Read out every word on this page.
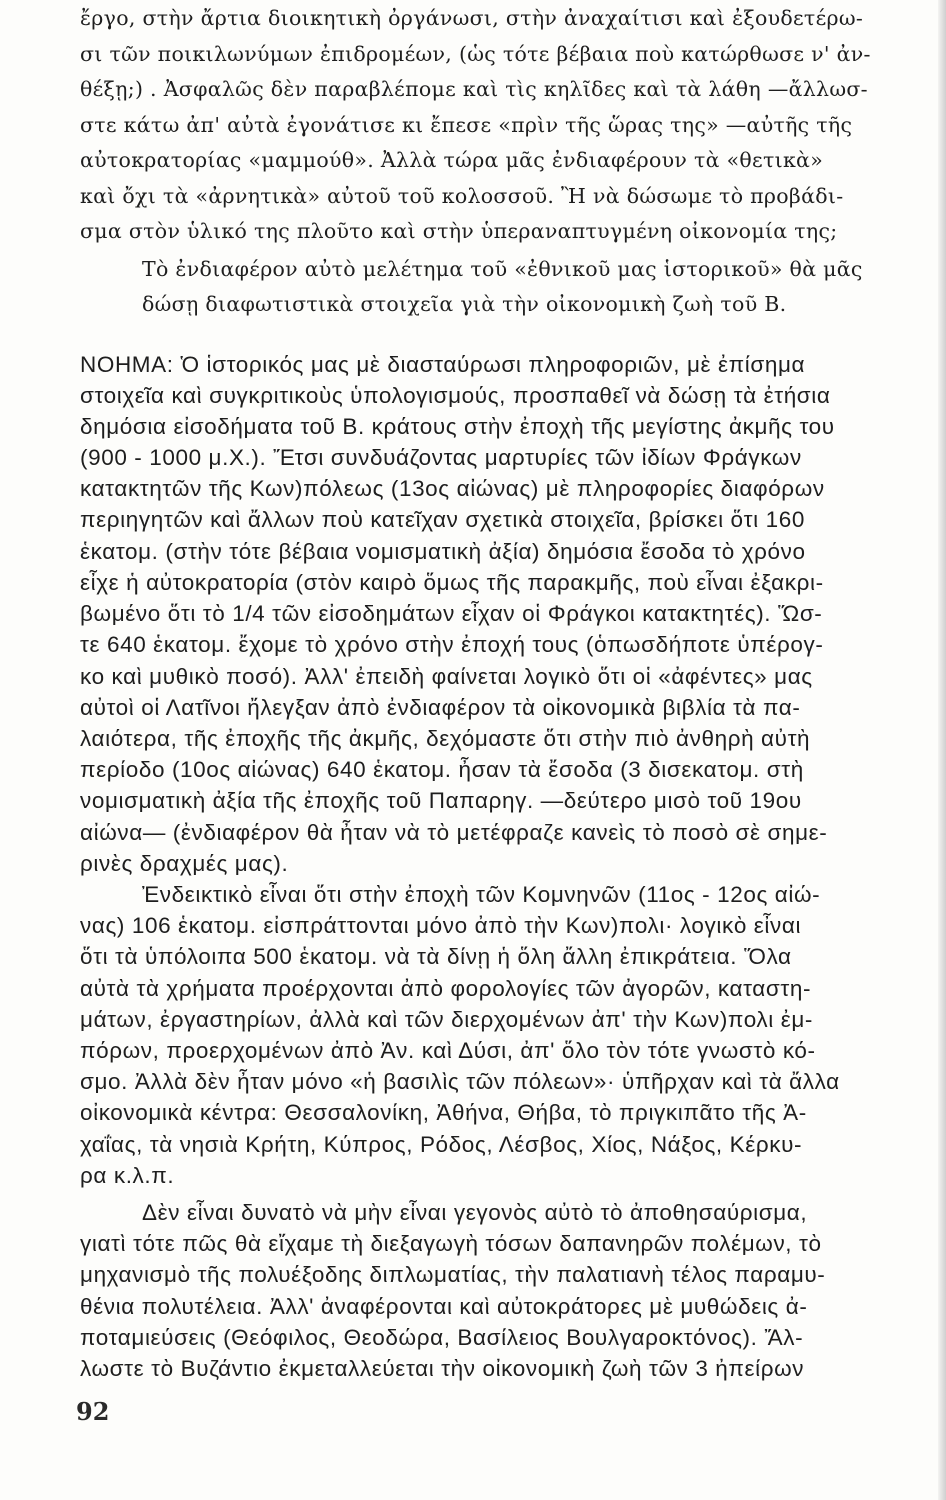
ἔργο, στὴν ἄρτια διοικητικὴ ὀργάνωσι, στὴν ἀναχαίτισι καὶ ἐξουδετέρω-
σι τῶν ποικιλωνύμων ἐπιδρομέων, (ὡς τότε βέβαια ποὺ κατώρθωσε ν' ἀν-
θέξῃ;) . Ἀσφαλῶς δὲν παραβλέπομε καὶ τὶς κηλῖδες καὶ τὰ λάθη —ἄλλωσ-
στε κάτω ἀπ' αὐτὰ ἐγονάτισε κι ἔπεσε «πρὶν τῆς ὥρας της» —αὐτῆς τῆς
αὐτοκρατορίας «μαμμούθ». Ἀλλὰ τώρα μᾶς ἐνδιαφέρουν τὰ «θετικὰ»
καὶ ὄχι τὰ «ἀρνητικὰ» αὐτοῦ τοῦ κολοσσοῦ. Ἢ νὰ δώσωμε τὸ προβάδι-
σμα στὸν ὑλικό της πλοῦτο καὶ στὴν ὑπεραναπτυγμένη οἰκονομία της;
Τὸ ἐνδιαφέρον αὐτὸ μελέτημα τοῦ «ἐθνικοῦ μας ἱστορικοῦ» θὰ μᾶς
δώσῃ διαφωτιστικὰ στοιχεῖα γιὰ τὴν οἰκονομικὴ ζωὴ τοῦ Β.
ΝΟΗΜΑ: Ὁ ἱστορικός μας μὲ διασταύρωσι πληροφοριῶν, μὲ ἐπίσημα
στοιχεῖα καὶ συγκριτικοὺς ὑπολογισμούς, προσπαθεῖ νὰ δώσῃ τὰ ἐτήσια
δημόσια εἰσοδήματα τοῦ Β. κράτους στὴν ἐποχὴ τῆς μεγίστης ἀκμῆς του
(900 - 1000 μ.Χ.). Ἔτσι συνδυάζοντας μαρτυρίες τῶν ἰδίων Φράγκων
κατακτητῶν τῆς Κων)πόλεως (13ος αἰώνας) μὲ πληροφορίες διαφόρων
περιηγητῶν καὶ ἄλλων ποὺ κατεῖχαν σχετικὰ στοιχεῖα, βρίσκει ὅτι 160
ἑκατομ. (στὴν τότε βέβαια νομισματικὴ ἀξία) δημόσια ἔσοδα τὸ χρόνο
εἶχε ἡ αὐτοκρατορία (στὸν καιρὸ ὅμως τῆς παρακμῆς, ποὺ εἶναι ἐξακρι-
βωμένο ὅτι τὸ 1/4 τῶν εἰσοδημάτων εἶχαν οἱ Φράγκοι κατακτητές). Ὥσ-
τε 640 ἑκατομ. ἔχομε τὸ χρόνο στὴν ἐποχή τους (ὁπωσδήποτε ὑπέρογ-
κο καὶ μυθικὸ ποσό). Ἀλλ' ἐπειδὴ φαίνεται λογικὸ ὅτι οἱ «ἀφέντες» μας
αὐτοὶ οἱ Λατῖνοι ἤλεγξαν ἀπὸ ἐνδιαφέρον τὰ οἰκονομικὰ βιβλία τὰ πα-
λαιότερα, τῆς ἐποχῆς τῆς ἀκμῆς, δεχόμαστε ὅτι στὴν πιὸ ἀνθηρὴ αὐτὴ
περίοδο (10ος αἰώνας) 640 ἑκατομ. ἦσαν τὰ ἔσοδα (3 δισεκατομ. στὴ
νομισματικὴ ἀξία τῆς ἐποχῆς τοῦ Παπαρηγ. —δεύτερο μισὸ τοῦ 19ου
αἰώνα— (ἐνδιαφέρον θὰ ἦταν νὰ τὸ μετέφραζε κανεὶς τὸ ποσὸ σὲ σημε-
ρινὲς δραχμές μας).
Ἐνδεικτικὸ εἶναι ὅτι στὴν ἐποχὴ τῶν Κομνηνῶν (11ος - 12ος αἰώ-
νας) 106 ἑκατομ. εἰσπράττονται μόνο ἀπὸ τὴν Κων)πολι· λογικὸ εἶναι
ὅτι τὰ ὑπόλοιπα 500 ἑκατομ. νὰ τὰ δίνῃ ἡ ὅλη ἄλλη ἐπικράτεια. Ὅλα
αὐτὰ τὰ χρήματα προέρχονται ἀπὸ φορολογίες τῶν ἀγορῶν, καταστη-
μάτων, ἐργαστηρίων, ἀλλὰ καὶ τῶν διερχομένων ἀπ' τὴν Κων)πολι ἐμ-
πόρων, προερχομένων ἀπὸ Ἀν. καὶ Δύσι, ἀπ' ὅλο τὸν τότε γνωστὸ κό-
σμο. Ἀλλὰ δὲν ἦταν μόνο «ἡ βασιλὶς τῶν πόλεων»· ὑπῆρχαν καὶ τὰ ἄλλα
οἰκονομικὰ κέντρα: Θεσσαλονίκη, Ἀθήνα, Θήβα, τὸ πριγκιπᾶτο τῆς Ἀ-
χαΐας, τὰ νησιὰ Κρήτη, Κύπρος, Ρόδος, Λέσβος, Χίος, Νάξος, Κέρκυ-
ρα κ.λ.π.
Δὲν εἶναι δυνατὸ νὰ μὴν εἶναι γεγονὸς αὐτὸ τὸ ἀποθησαύρισμα,
γιατὶ τότε πῶς θὰ εἴχαμε τὴ διεξαγωγὴ τόσων δαπανηρῶν πολέμων, τὸ
μηχανισμὸ τῆς πολυέξοδης διπλωματίας, τὴν παλατιανὴ τέλος παραμυ-
θένια πολυτέλεια. Ἀλλ' ἀναφέρονται καὶ αὐτοκράτορες μὲ μυθώδεις ἀ-
ποταμιεύσεις (Θεόφιλος, Θεοδώρα, Βασίλειος Βουλγαροκτόνος). Ἄλ-
λωστε τὸ Βυζάντιο ἐκμεταλλεύεται τὴν οἰκονομικὴ ζωὴ τῶν 3 ἠπείρων
92
